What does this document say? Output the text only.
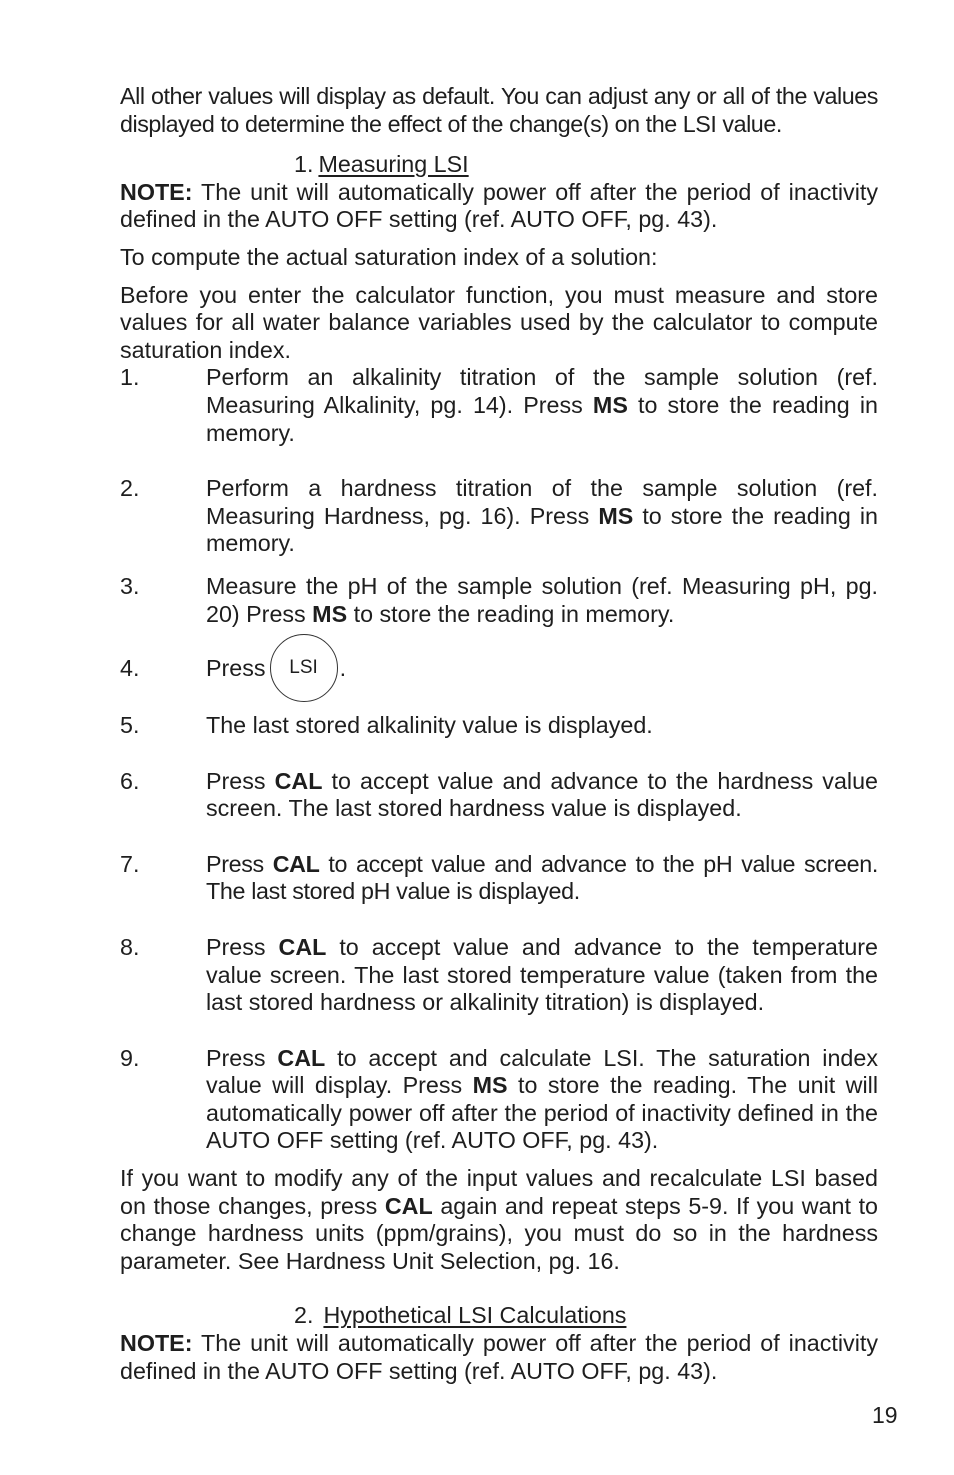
All other values will display as default. You can adjust any or all of the values displayed to determine the effect of the change(s) on the LSI value.

1. Measuring LSI

NOTE: The unit will automatically power off after the period of inactivity defined in the AUTO OFF setting (ref. AUTO OFF, pg. 43).

To compute the actual saturation index of a solution:

Before you enter the calculator function, you must measure and store values for all water balance variables used by the calculator to compute saturation index.

1.	Perform an alkalinity titration of the sample solution (ref. Measuring Alkalinity, pg. 14). Press MS to store the reading in memory.
2.	Perform a hardness titration of the sample solution (ref. Measuring Hardness, pg. 16). Press MS to store the reading in memory.
3.	Measure the pH of the sample solution (ref. Measuring pH, pg. 20) Press MS to store the reading in memory.
4.	Press LSI .
5.	The last stored alkalinity value is displayed.
6.	Press CAL to accept value and advance to the hardness value screen. The last stored hardness value is displayed.
7.	Press CAL to accept value and advance to the pH value screen. The last stored pH value is displayed.
8.	Press CAL to accept value and advance to the temperature value screen. The last stored temperature value (taken from the last stored hardness or alkalinity titration) is displayed.
9.	Press CAL to accept and calculate LSI. The saturation index value will display. Press MS to store the reading. The unit will automatically power off after the period of inactivity defined in the AUTO OFF setting (ref. AUTO OFF, pg. 43).

If you want to modify any of the input values and recalculate LSI based on those changes, press CAL again and repeat steps 5-9. If you want to change hardness units (ppm/grains), you must do so in the hardness parameter. See Hardness Unit Selection, pg. 16.

2. Hypothetical LSI Calculations

NOTE: The unit will automatically power off after the period of inactivity defined in the AUTO OFF setting (ref. AUTO OFF, pg. 43).

19
